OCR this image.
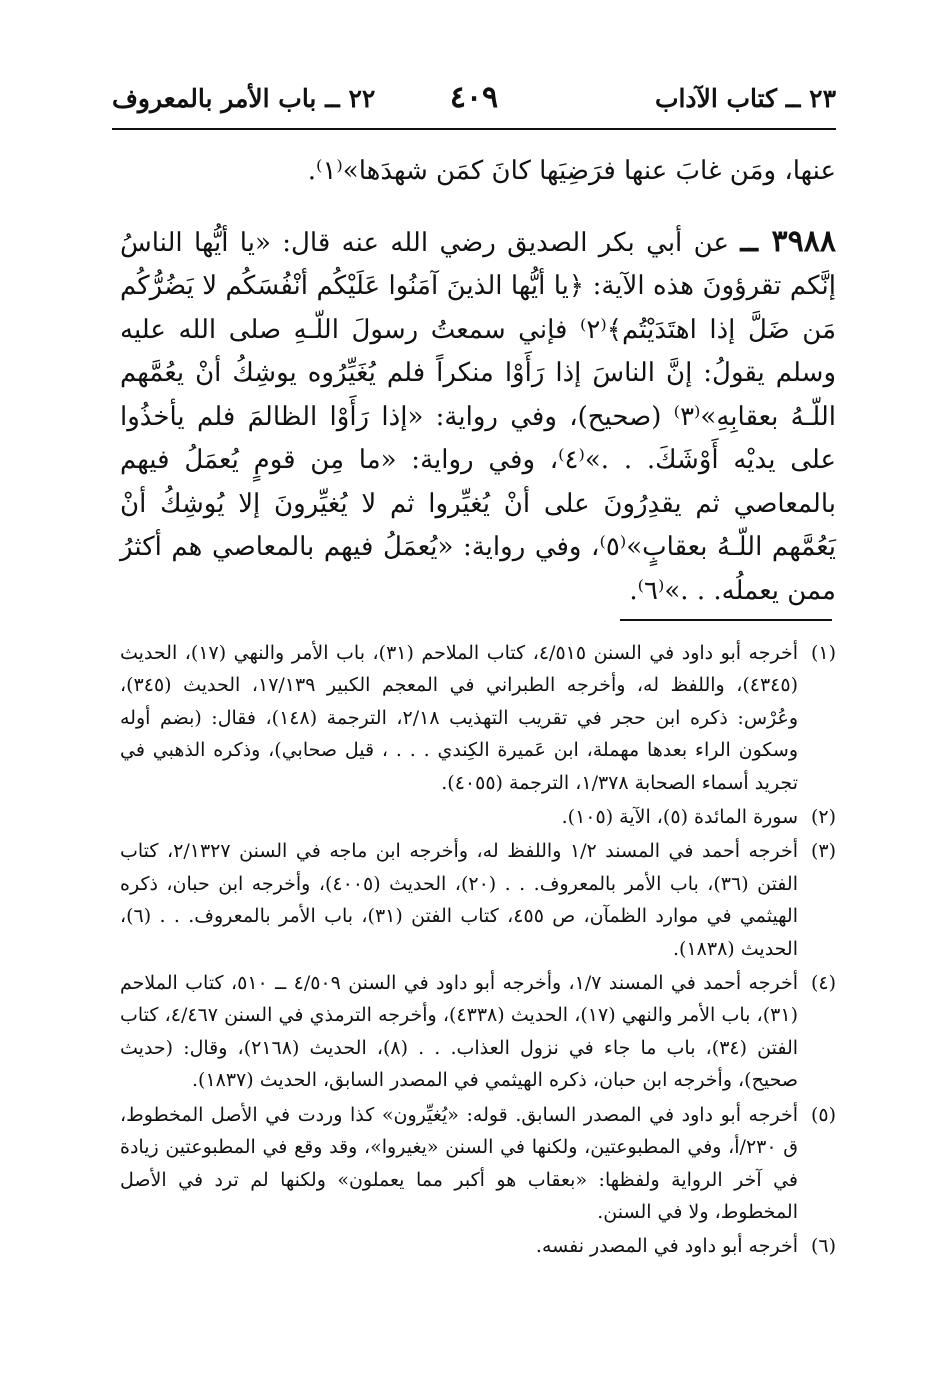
٢٣ ــ كتاب الآداب
٤٠٩
٢٢ ــ باب الأمر بالمعروف

عنها، ومَن غابَ عنها فرَضِيَها كانَ كمَن شهدَها»⁽١⁾.

٣٩٨٨ ــ عن أبي بكر الصديق رضي الله عنه قال: «يا أيُّها الناسُ إنَّكم تقرؤونَ هذه الآية: ﴿يا أيُّها الذينَ آمَنُوا عَلَيْكُم أنْفُسَكُم لا يَضُرُّكُم مَن ضَلَّ إذا اهتَدَيْتُم﴾⁽٢⁾ فإني سمعتُ رسولَ اللّـهِ صلى الله عليه وسلم يقولُ: إنَّ الناسَ إذا رَأَوْا منكراً فلم يُغَيِّرُوه يوشِكُ أنْ يعُمَّهم اللّـهُ بعقابِهِ»⁽٣⁾ (صحيح)، وفي رواية: «إذا رَأَوْا الظالمَ فلم يأخذُوا على يديْه أَوْشَكَ. . .»⁽٤⁾، وفي رواية: «ما مِن قومٍ يُعمَلُ فيهم بالمعاصي ثم يقدِرُونَ على أنْ يُغيِّروا ثم لا يُغيِّرونَ إلا يُوشِكُ أنْ يَعُمَّهم اللّـهُ بعقابٍ»⁽٥⁾، وفي رواية: «يُعمَلُ فيهم بالمعاصي هم أكثرُ ممن يعملُه. . .»⁽٦⁾.

(١)
أخرجه أبو داود في السنن ٤/٥١٥، كتاب الملاحم (٣١)، باب الأمر والنهي (١٧)، الحديث (٤٣٤٥)، واللفظ له، وأخرجه الطبراني في المعجم الكبير ١٧/١٣٩، الحديث (٣٤٥)، وعُرْس: ذكره ابن حجر في تقريب التهذيب ٢/١٨، الترجمة (١٤٨)، فقال: (بضم أوله وسكون الراء بعدها مهملة، ابن عَميرة الكِندي . . . ، قيل صحابي)، وذكره الذهبي في تجريد أسماء الصحابة ١/٣٧٨، الترجمة (٤٠٥٥).
(٢)
سورة المائدة (٥)، الآية (١٠٥).
(٣)
أخرجه أحمد في المسند ١/٢ واللفظ له، وأخرجه ابن ماجه في السنن ٢/١٣٢٧، كتاب الفتن (٣٦)، باب الأمر بالمعروف. . . (٢٠)، الحديث (٤٠٠٥)، وأخرجه ابن حبان، ذكره الهيثمي في موارد الظمآن، ص ٤٥٥، كتاب الفتن (٣١)، باب الأمر بالمعروف. . . (٦)، الحديث (١٨٣٨).
(٤)
أخرجه أحمد في المسند ١/٧، وأخرجه أبو داود في السنن ٤/٥٠٩ ــ ٥١٠، كتاب الملاحم (٣١)، باب الأمر والنهي (١٧)، الحديث (٤٣٣٨)، وأخرجه الترمذي في السنن ٤/٤٦٧، كتاب الفتن (٣٤)، باب ما جاء في نزول العذاب. . . (٨)، الحديث (٢١٦٨)، وقال: (حديث صحيح)، وأخرجه ابن حبان، ذكره الهيثمي في المصدر السابق، الحديث (١٨٣٧).
(٥)
أخرجه أبو داود في المصدر السابق. قوله: «يُغيِّرون» كذا وردت في الأصل المخطوط، ق ٢٣٠/أ، وفي المطبوعتين، ولكنها في السنن «يغيروا»، وقد وقع في المطبوعتين زيادة في آخر الرواية ولفظها: «بعقاب هو أكبر مما يعملون» ولكنها لم ترد في الأصل المخطوط، ولا في السنن.
(٦)
أخرجه أبو داود في المصدر نفسه.
